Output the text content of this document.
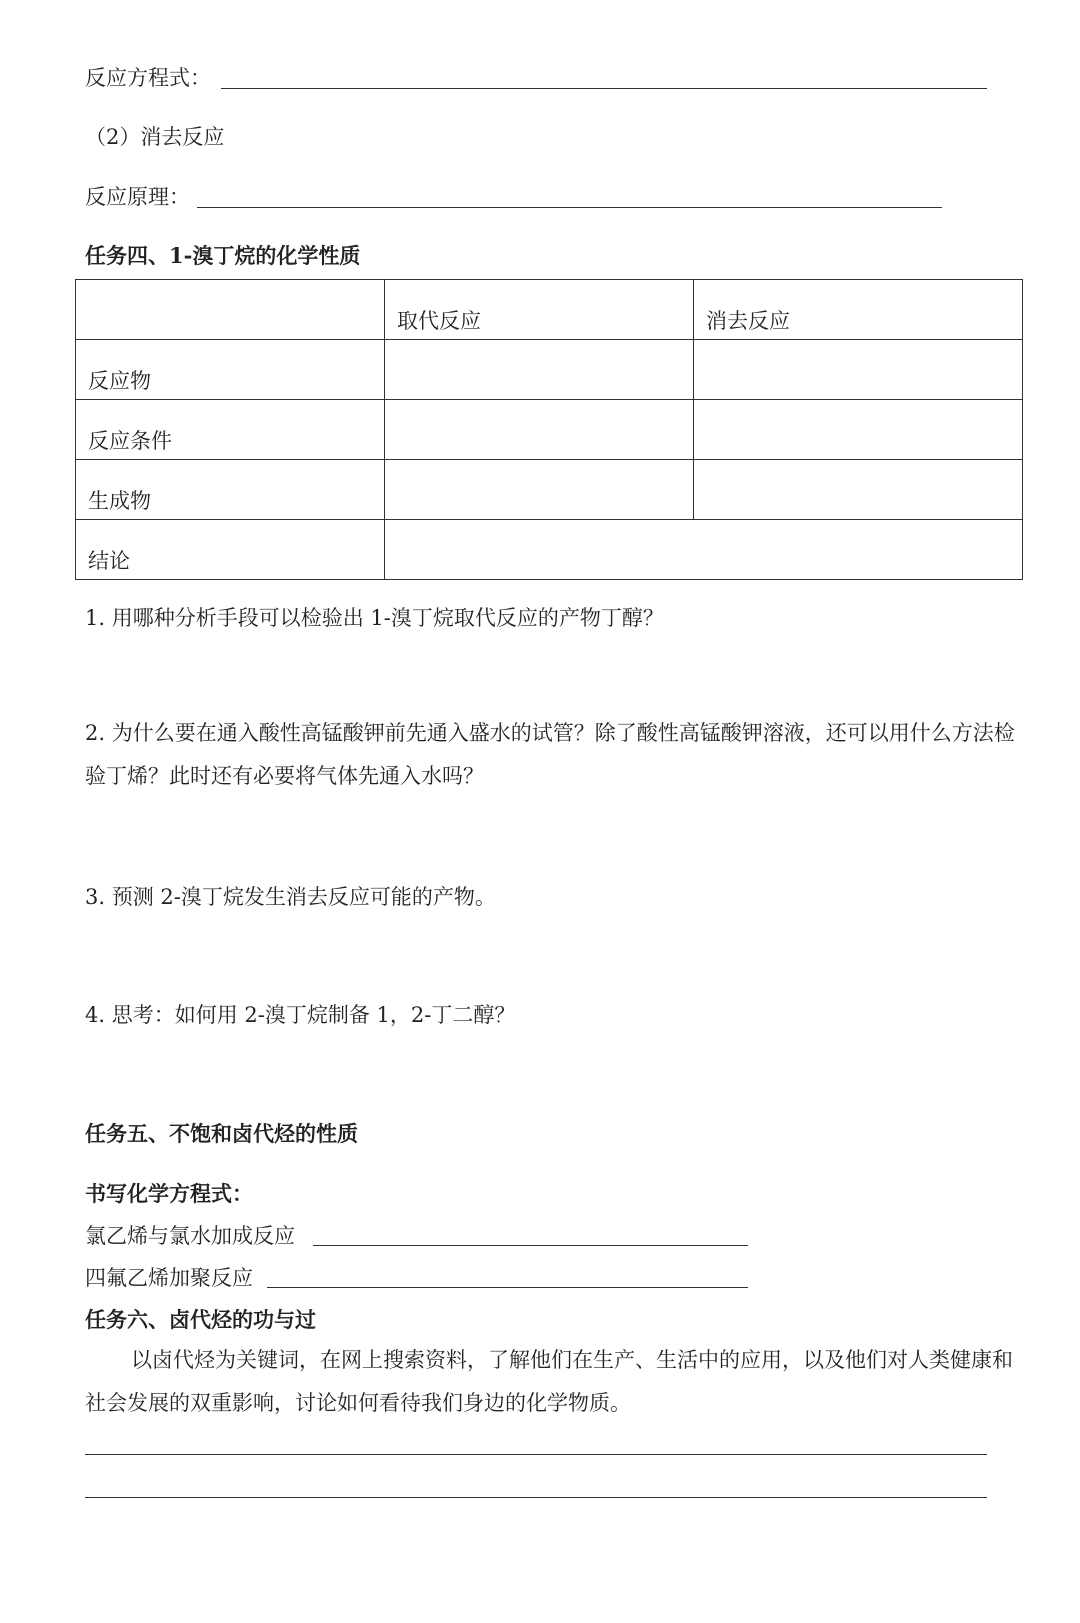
反应方程式：
（2）消去反应
反应原理：
任务四、1-溴丁烷的化学性质
	取代反应	消去反应
反应物		
反应条件		
生成物		
结论		
1. 用哪种分析手段可以检验出 1-溴丁烷取代反应的产物丁醇？
2. 为什么要在通入酸性高锰酸钾前先通入盛水的试管？除了酸性高锰酸钾溶液，还可以用什么方法检验丁烯？此时还有必要将气体先通入水吗？
3. 预测 2-溴丁烷发生消去反应可能的产物。
4. 思考：如何用 2-溴丁烷制备 1，2-丁二醇？
任务五、不饱和卤代烃的性质
书写化学方程式：
氯乙烯与氯水加成反应
四氟乙烯加聚反应
任务六、卤代烃的功与过
以卤代烃为关键词，在网上搜索资料，了解他们在生产、生活中的应用，以及他们对人类健康和社会发展的双重影响，讨论如何看待我们身边的化学物质。
